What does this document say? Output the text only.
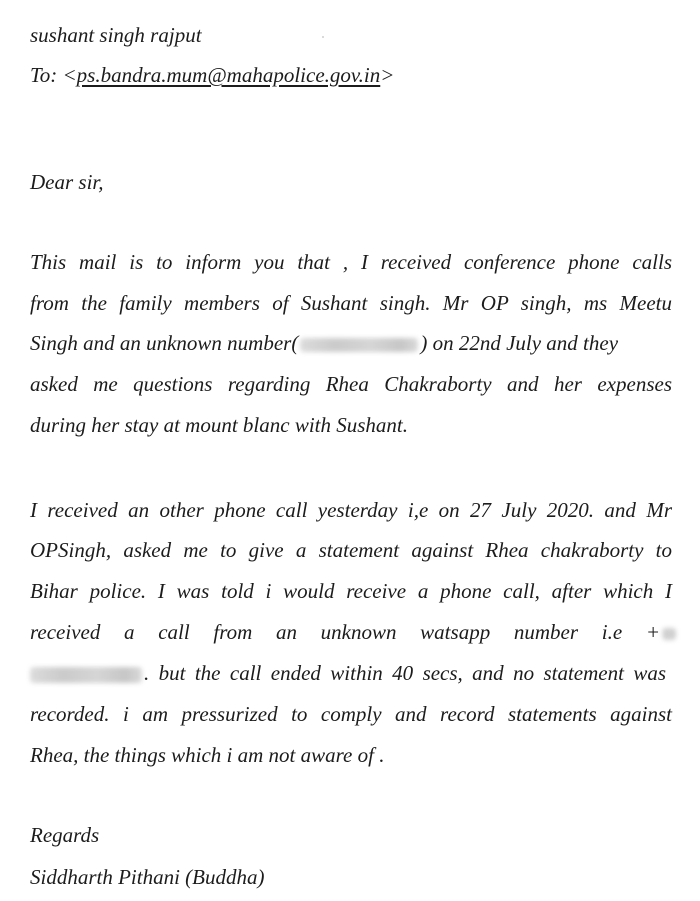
sushant singh rajput
To: <ps.bandra.mum@mahapolice.gov.in>
Dear sir,
This mail is to inform you that , I received conference phone calls
from the family members of Sushant singh. Mr OP singh, ms Meetu
Singh and an unknown number(	) on 22nd July and they
asked me questions regarding Rhea Chakraborty and her expenses
during her stay at mount blanc with Sushant.
I received an other phone call yesterday i,e on 27 July 2020. and Mr
OPSingh, asked me to give a statement against Rhea chakraborty to
Bihar police. I was told i would receive a phone call, after which I
received a call from an unknown watsapp number i.e +
. but the call ended within 40 secs, and no statement was
recorded. i am pressurized to comply and record statements against
Rhea, the things which i am not aware of .
Regards
Siddharth Pithani (Buddha)
